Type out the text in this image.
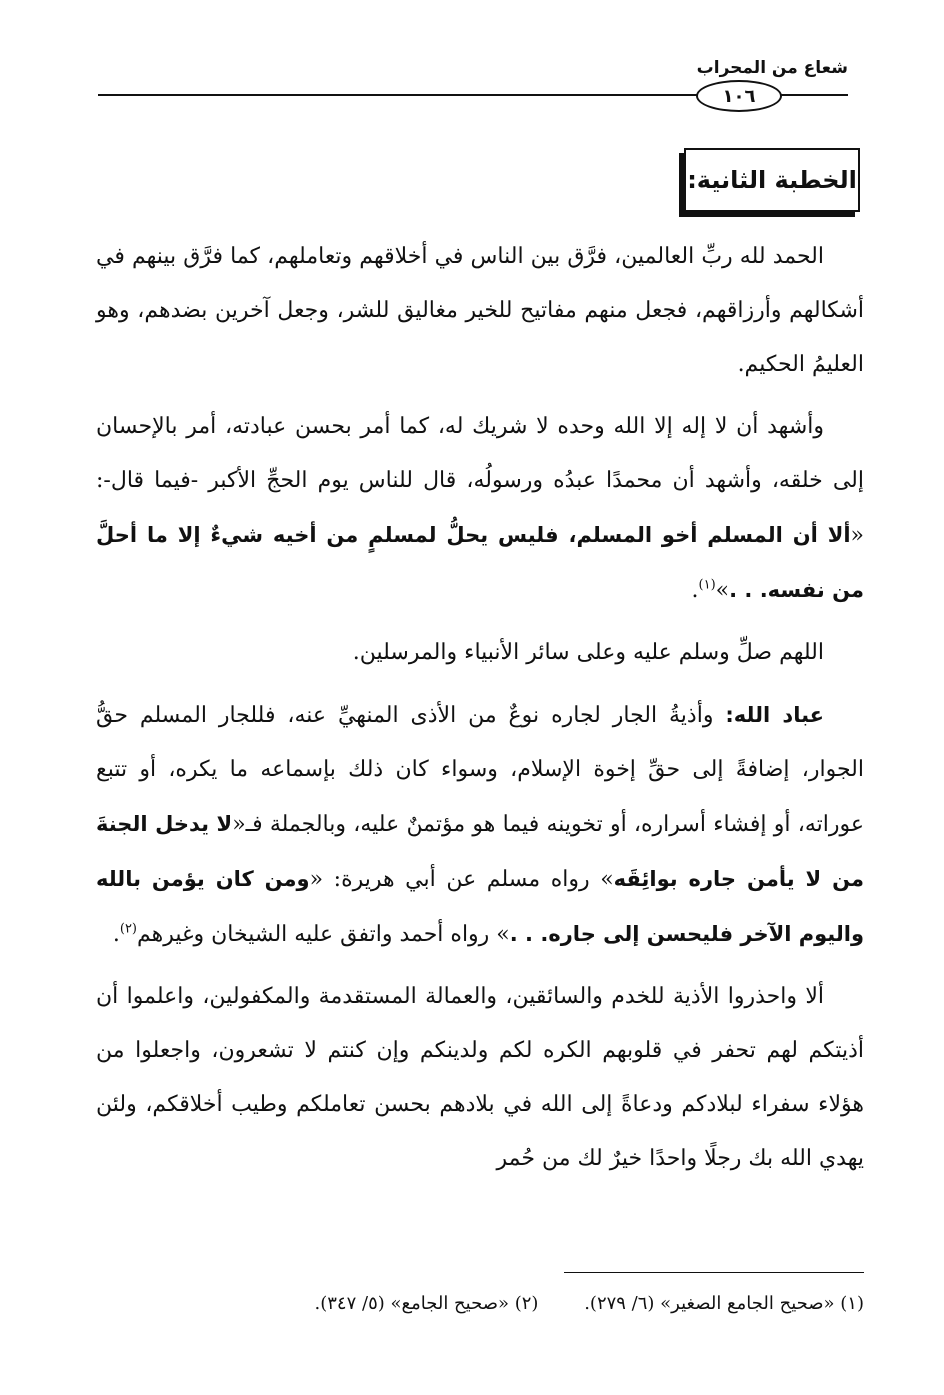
شعاع من المحراب
١٠٦
الخطبة الثانية:

الحمد لله ربِّ العالمين، فرَّق بين الناس في أخلاقهم وتعاملهم، كما فرَّق بينهم في أشكالهم وأرزاقهم، فجعل منهم مفاتيح للخير مغاليق للشر، وجعل آخرين بضدهم، وهو العليمُ الحكيم.

وأشهد أن لا إله إلا الله وحده لا شريك له، كما أمر بحسن عبادته، أمر بالإحسان إلى خلقه، وأشهد أن محمدًا عبدُه ورسولُه، قال للناس يوم الحجِّ الأكبر -فيما قال-: «ألا أن المسلم أخو المسلم، فليس يحلُّ لمسلمٍ من أخيه شيءٌ إلا ما أحلَّ من نفسه. . .»$^{(١)}$.

اللهم صلِّ وسلم عليه وعلى سائر الأنبياء والمرسلين.

عباد الله: وأذيةُ الجار لجاره نوعٌ من الأذى المنهيِّ عنه، فللجار المسلم حقُّ الجوار، إضافةً إلى حقِّ إخوة الإسلام، وسواء كان ذلك بإسماعه ما يكره، أو تتبع عوراته، أو إفشاء أسراره، أو تخوينه فيما هو مؤتمنٌ عليه، وبالجملة فـ«لا يدخل الجنةَ من لا يأمن جاره بوائِقَه» رواه مسلم عن أبي هريرة: «ومن كان يؤمن بالله واليوم الآخر فليحسن إلى جاره. . .» رواه أحمد واتفق عليه الشيخان وغيرهم$^{(٢)}$.

ألا واحذروا الأذية للخدم والسائقين، والعمالة المستقدمة والمكفولين، واعلموا أن أذيتكم لهم تحفر في قلوبهم الكره لكم ولدينكم وإن كنتم لا تشعرون، واجعلوا من هؤلاء سفراء لبلادكم ودعاةً إلى الله في بلادهم بحسن تعاملكم وطيب أخلاقكم، ولئن يهدي الله بك رجلًا واحدًا خيرٌ لك من حُمر

(١) «صحيح الجامع الصغير» (٦/ ٢٧٩). (٢) «صحيح الجامع» (٥/ ٣٤٧).
